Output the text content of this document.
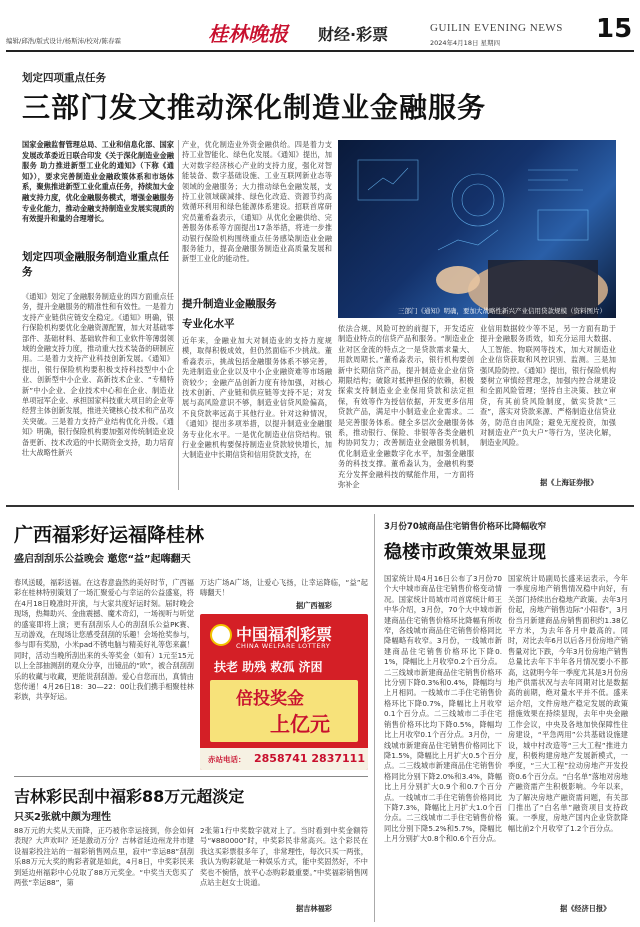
编辑/邱浩/版式设计/杨斯沛/校对/陈春霖	桂林晚报 财经·彩票	GUILIN EVENING NEWS
2024年4月18日 星期四	15
划定四项重点任务
三部门发文推动深化制造业金融服务
国家金融监督管理总局、工业和信息化部、国家发展改革委近日联合印发《关于深化制造业金融服务 助力推进新型工业化的通知》（下称《通知》），要求完善制造业金融政策体系和市场体系，聚焦推进新型工业化重点任务，持续加大金融支持力度，优化金融服务模式，增强金融服务专业化能力，推动金融支持制造业发展实现质的有效提升和量的合理增长。
划定四项金融服务制造业重点任务
《通知》划定了金融服务制造业的四方面重点任务，提升金融服务的精准性和有效性。一是着力支持产业链供应链安全稳定。《通知》明确，银行保险机构要优化金融资源配置，加大对基础零部件、基础材料、基础软件和工业软件等薄弱领域的金融支持力度，推动重大技术装备的研制应用。二是着力支持产业科技创新发展。《通知》提出，银行保险机构要积极支持科技型中小企业、创新型中小企业、高新技术企业、“专精特新”中小企业、企业技术中心和在企业、制造业单项冠军企业、承担国家科技重大项目的企业等经营主体创新发展，推进关键核心技术和产品攻关突破。三是着力支持产业结构优化升级。《通知》明确，银行保险机构要加强对传统制造业设备更新、技术改造的中长期资金支持，助力培育壮大战略性新兴
产业，优化制造业外资金融供给。四是着力支持工业智能化、绿色化发展。《通知》提出，加大对数字经济核心产业的支持力度，强化对智能装备、数字基础设施、工业互联网新业态等领域的金融服务；大力推动绿色金融发展，支持工业领域碳减排、绿色化改造、资源节约高效循环利用和绿色能源体系建设。招联首席研究员董希淼表示，《通知》从优化金融供给、完善服务体系等方面提出17条举措，将进一步推动银行保险机构围绕重点任务感染制造业金融服务能力，提高金融服务制造业高质量发展和新型工业化的能动性。
提升制造业金融服务
专业化水平
近年来，金融业加大对制造业的支持力度规模，取得积极成效，但仍然面临不少挑战。董希淼表示，挑战包括金融服务体系不够完善，先进制造业企业以及中小企业融资难等市场融资较少；金融产品创新力度有待加强，对核心技术创新、产业链和供应链等支持不足；对发展与高风险意识不够，制造业信贷风险偏高，不良贷款率远高于其他行业。针对这种情况，《通知》提出多项举措，以提升制造业金融服务专业化水平。一是优化制造业信贷结构。银行业金融机构要保持制造业贷款较快增长，加大制造业中长期信贷和信用贷款支持，在
三部门《通知》明确，要加大战略性新兴产业信用贷款规模（资料图片）
依法合规、风险可控的前提下，开发适应制造业特点的信贷产品和服务。“制造业企业对区金流的特点之一是贷款需求量大、用款周期长。”董希淼表示，银行机构要创新中长期信贷产品，提升制造业企业信贷期限结构；破除对抵押担保的依赖，积极探索支持制造业企业保用贷款和法定担保，有效等作为授信依据，开发更多信用贷款产品，满足中小制造业企业需求。二是完善服务体系。健全多层次金融服务体系，推动银行、保险、非银等各类金融机构协同发力；改善制造业金融服务机制，优化制造业金融数字化水平，加强金融服务的科技支撑。董希淼认为，金融机构要充分发挥金融科技的赋能作用，一方面将弥补企
业信用数据较少等不足，另一方面有助于提升金融服务质效，如充分运用大数据、人工智能、物联网等技术，加大对制造业企业信贷获取和风控识别、监测。三是加强风险防控。《通知》提出，银行保险机构要树立审慎经营理念，加强内控合规建设和全面风险管理；坚持自主决策、独立审贷，有其前贷风险制度，做实贷款“三查”，落实对贷款来源、严格制造业信贷业务，防范自由风险；避免无度投资，加强对制造业产“负大户”等行为，坚决化解，制造业风险。
据《上海证券报》
广西福彩好运福降桂林
盛启刮刮乐公益晚会 邀您“益”起嗨翻天
春风送暖，福彩送福。在这春意盎然的美好时节，广西福彩在桂林特别策划了一场汇聚爱心与幸运的公益盛宴，将在4月18日晚准时开演，与大家共度好运时刻。届时晚会现场，热舞助兴、金曲震撼、魔术奇幻，一场视听与听觉的盛宴即将上演；更有刮刮乐人心的刮刮乐公益PK赛、互动游戏，在现场让您感受刮刮的乐趣！会场抢奖参与，参与即有奖励，小米pad不锈电脑与精美好礼等您来赢！同时，活动当晚所刮出来的头等奖金（如有）1元至15元以上全部抽测刮的观众分享，出镜品的“欧”，被合刮刮刮乐的收藏与收藏，更能说刮刮游。爱心自您而出，真情由您传递！4月26日18：30—22：00让我们携手相聚桂林彩族，共享好运。
万达广场A广场，让爱心飞扬，让幸运降临，“益”起嗨翻天！
据广西福彩
中国福利彩票
CHINA WELFARE LOTTERY
扶老 助残 救孤 济困
倍投奖金
上亿元
赤站电话： 2858741 2837111
吉林彩民刮中福彩88万元超淡定
只买2张就中颜为理性
88万元的大奖从天而降，正巧被你幸运接到，你会如何表现？大声欢叫？还是激动万分？吉林省延边州龙井市建设福彩投注站的一福彩销售网点里，寂中“幸运88”刮刮乐88万元大奖的购彩者就是如此，4月8日，中奖彩民来到延边州福彩中心兑取了88万元奖金。“中奖当天您买了两张“幸运88”，第
2张第1行中奖数字就对上了。当时看到中奖金额符号“¥880000”时，中奖彩民非常高兴。这个彩民在我这买彩票很多年了，非常理性，每次只买一两张，我认为购彩就是一种娱乐方式，能中奖固然好，不中奖也不惋惜，放平心态购彩最重要。”中奖福彩销售网点站主赵女士说道。
据吉林福彩
3月份70城商品住宅销售价格环比降幅收窄
稳楼市政策效果显现
国家统计局4月16日公布了3月份70个大中城市商品住宅销售价格变动情况。国家统计局城市司首席统计师王中华介绍，3月份，70个大中城市新建商品住宅销售价格环比降幅有所收窄，各线城市商品住宅销售价格同比降幅略有收窄。3月份，一线城市新建商品住宅销售价格环比下降0.1%，降幅比上月收窄0.2个百分点。二三线城市新建商品住宅销售价格环比分别下降0.3%和0.4%，降幅均与上月相同。一线城市二手住宅销售价格环比下降0.7%，降幅比上月收窄0.1个百分点。二三线城市二手住宅销售价格环比均下降0.5%，降幅均比上月收窄0.1个百分点。3月份，一线城市新建商品住宅销售价格同比下降1.5%，降幅比上月扩大0.5个百分点。二三线城市新建商品住宅销售价格同比分别下降2.0%和3.4%，降幅比上月分别扩大0.9个和0.7个百分点。一线城市二手住宅销售价格同比下降7.3%，降幅比上月扩大1.0个百分点。二三线城市二手住宅销售价格同比分别下降5.2%和5.7%，降幅比上月分别扩大0.8个和0.6个百分点。
国家统计局副局长盛来运表示，今年一季度房地产销售情况稳中向好，有关部门持续出台稳地产政策。去年3月份起，房地产销售边际“小阳春”，3月份当月新建商品房销售面积约1.38亿平方米，为去年各月中最高的。同时，对比去年6月以后各月份房地产销售量对比下跌，今年3月份房地产销售总量比去年下半年各月情况要小不都高，这就明今年一季度尤其是3月份房地产供需状况与去年同期对比是数据高的前期，绝对量水平并不低。盛来运介绍，文件房地产稳定发展的政策措施效果在持续显现，去年中央金融工作会议，中央及各地加快保障性住房建设，“平急两用”公共基础设施建设，城中村改造等“三大工程”推进力度，积极构建房地产发展新模式，一季度，“三大工程”拉动房地产开发投资0.6个百分点。“白名单”落地对房地产融资需产生积极影响。今年以来，为了解决房地产融资需问题，有关部门推出了“白名单”融资项目支持政策。一季度，房地产国内企业贷款降幅比前2个月收窄了1.2个百分点。
据《经济日报》
